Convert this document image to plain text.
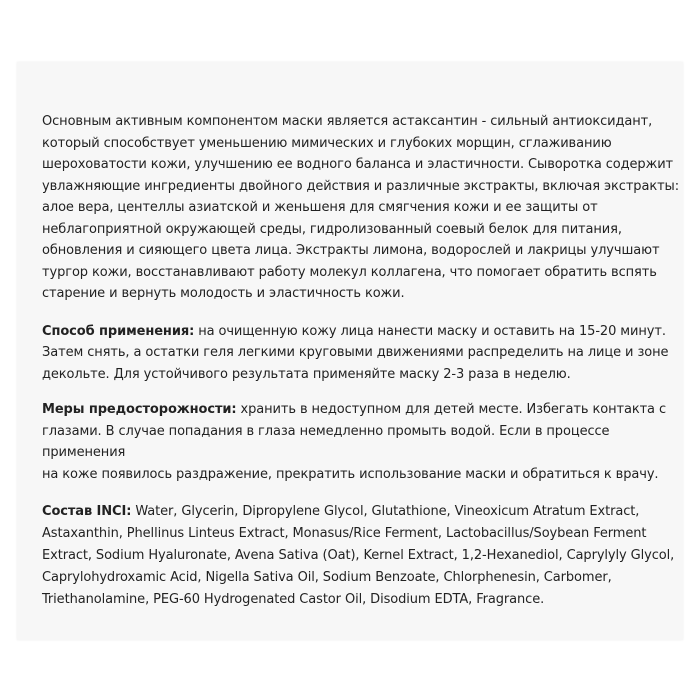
Основным активным компонентом маски является астаксантин - сильный антиоксидант,
который способствует уменьшению мимических и глубоких морщин, сглаживанию
шероховатости кожи, улучшению ее водного баланса и эластичности. Сыворотка содержит
увлажняющие ингредиенты двойного действия и различные экстракты, включая экстракты:
алое вера, центеллы азиатской и женьшеня для смягчения кожи и ее защиты от
неблагоприятной окружающей среды, гидролизованный соевый белок для питания,
обновления и сияющего цвета лица. Экстракты лимона, водорослей и лакрицы улучшают
тургор кожи, восстанавливают работу молекул коллагена, что помогает обратить вспять
старение и вернуть молодость и эластичность кожи.

Способ применения: на очищенную кожу лица нанести маску и оставить на 15-20 минут.
Затем снять, а остатки геля легкими круговыми движениями распределить на лице и зоне
декольте. Для устойчивого результата применяйте маску 2-3 раза в неделю.

Меры предосторожности: хранить в недоступном для детей месте. Избегать контакта с
глазами. В случае попадания в глаза немедленно промыть водой. Если в процессе применения
на коже появилось раздражение, прекратить использование маски и обратиться к врачу.

Состав INCI: Water, Glycerin, Dipropylene Glycol, Glutathione, Vineoxicum Atratum Extract,
Astaxanthin, Phellinus Linteus Extract, Monasus/Rice Ferment, Lactobacillus/Soybean Ferment
Extract, Sodium Hyaluronate, Avena Sativa (Oat), Kernel Extract, 1,2-Hexanediol, Caprylyly Glycol,
Caprylohydroxamic Acid, Nigella Sativa Oil, Sodium Benzoate, Chlorphenesin, Carbomer,
Triethanolamine, PEG-60 Hydrogenated Castor Oil, Disodium EDTA, Fragrance.
